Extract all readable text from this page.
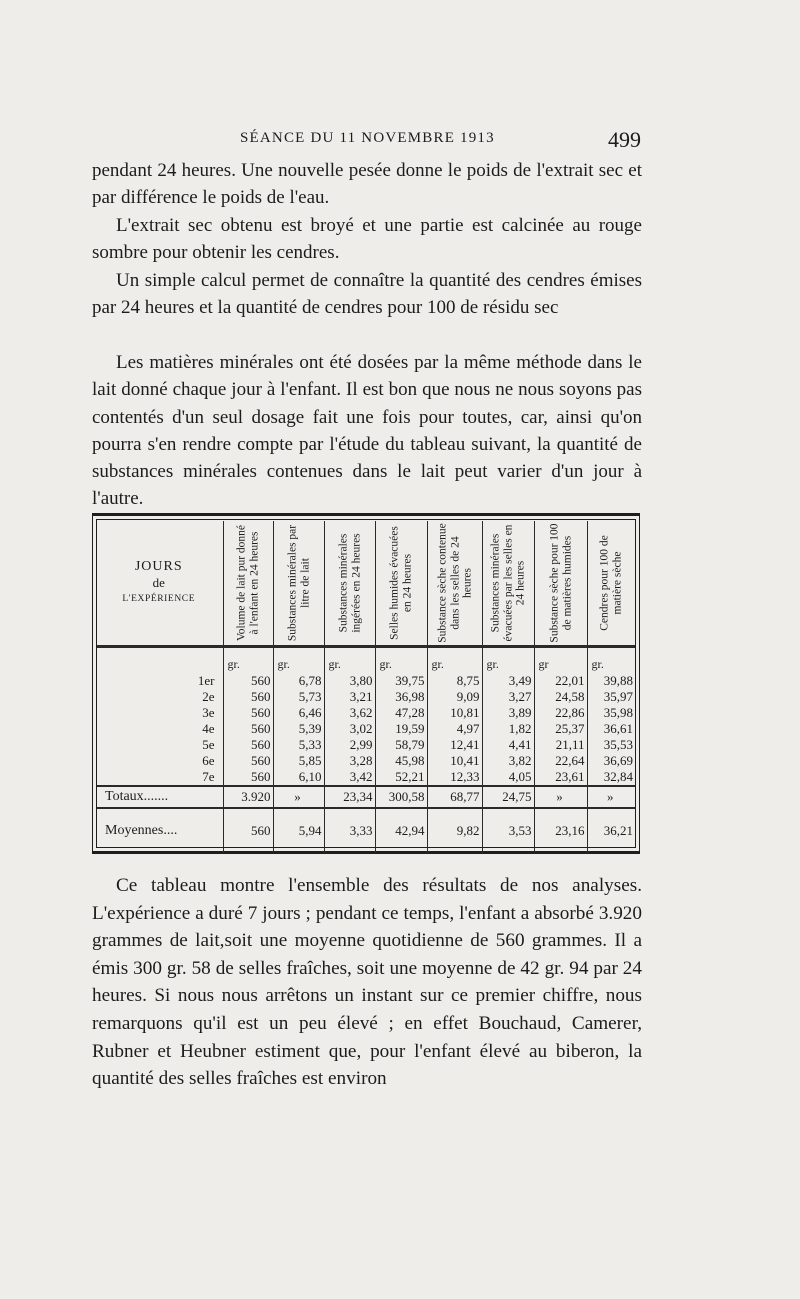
SÉANCE DU 11 NOVEMBRE 1913	499

pendant 24 heures. Une nouvelle pesée donne le poids de l'extrait sec et par différence le poids de l'eau.

L'extrait sec obtenu est broyé et une partie est calcinée au rouge sombre pour obtenir les cendres.

Un simple calcul permet de connaître la quantité des cendres émises par 24 heures et la quantité de cendres pour 100 de résidu sec

Les matières minérales ont été dosées par la même méthode dans le lait donné chaque jour à l'enfant. Il est bon que nous ne nous soyons pas contentés d'un seul dosage fait une fois pour toutes, car, ainsi qu'on pourra s'en rendre compte par l'étude du tableau suivant, la quantité de substances minérales contenues dans le lait peut varier d'un jour à l'autre.

JOURS
de
L'EXPÉRIENCE	Volume de lait pur donné à l'enfant en 24 heures	Substances minérales par litre de lait	Substances minérales ingérées en 24 heures	Selles humides évacuées en 24 heures	Substance sèche contenue dans les selles de 24 heures	Substances minérales évacuées par les selles en 24 heures	Substance sèche pour 100 de matières humides	Cendres pour 100 de matière sèche

	gr.	gr.	gr.	gr.	gr.	gr.	gr	gr.
1er	560	6,78	3,80	39,75	8,75	3,49	22,01	39,88
2e	560	5,73	3,21	36,98	9,09	3,27	24,58	35,97
3e	560	6,46	3,62	47,28	10,81	3,89	22,86	35,98
4e	560	5,39	3,02	19,59	4,97	1,82	25,37	36,61
5e	560	5,33	2,99	58,79	12,41	4,41	21,11	35,53
6e	560	5,85	3,28	45,98	10,41	3,82	22,64	36,69
7e	560	6,10	3,42	52,21	12,33	4,05	23,61	32,84
Totaux.......	3.920	»	23,34	300,58	68,77	24,75	»	»
Moyennes....	560	5,94	3,33	42,94	9,82	3,53	23,16	36,21

Ce tableau montre l'ensemble des résultats de nos analyses. L'expérience a duré 7 jours ; pendant ce temps, l'enfant a absorbé 3.920 grammes de lait,soit une moyenne quotidienne de 560 grammes. Il a émis 300 gr. 58 de selles fraîches, soit une moyenne de 42 gr. 94 par 24 heures. Si nous nous arrêtons un instant sur ce premier chiffre, nous remarquons qu'il est un peu élevé ; en effet Bouchaud, Camerer, Rubner et Heubner estiment que, pour l'enfant élevé au biberon, la quantité des selles fraîches est environ
